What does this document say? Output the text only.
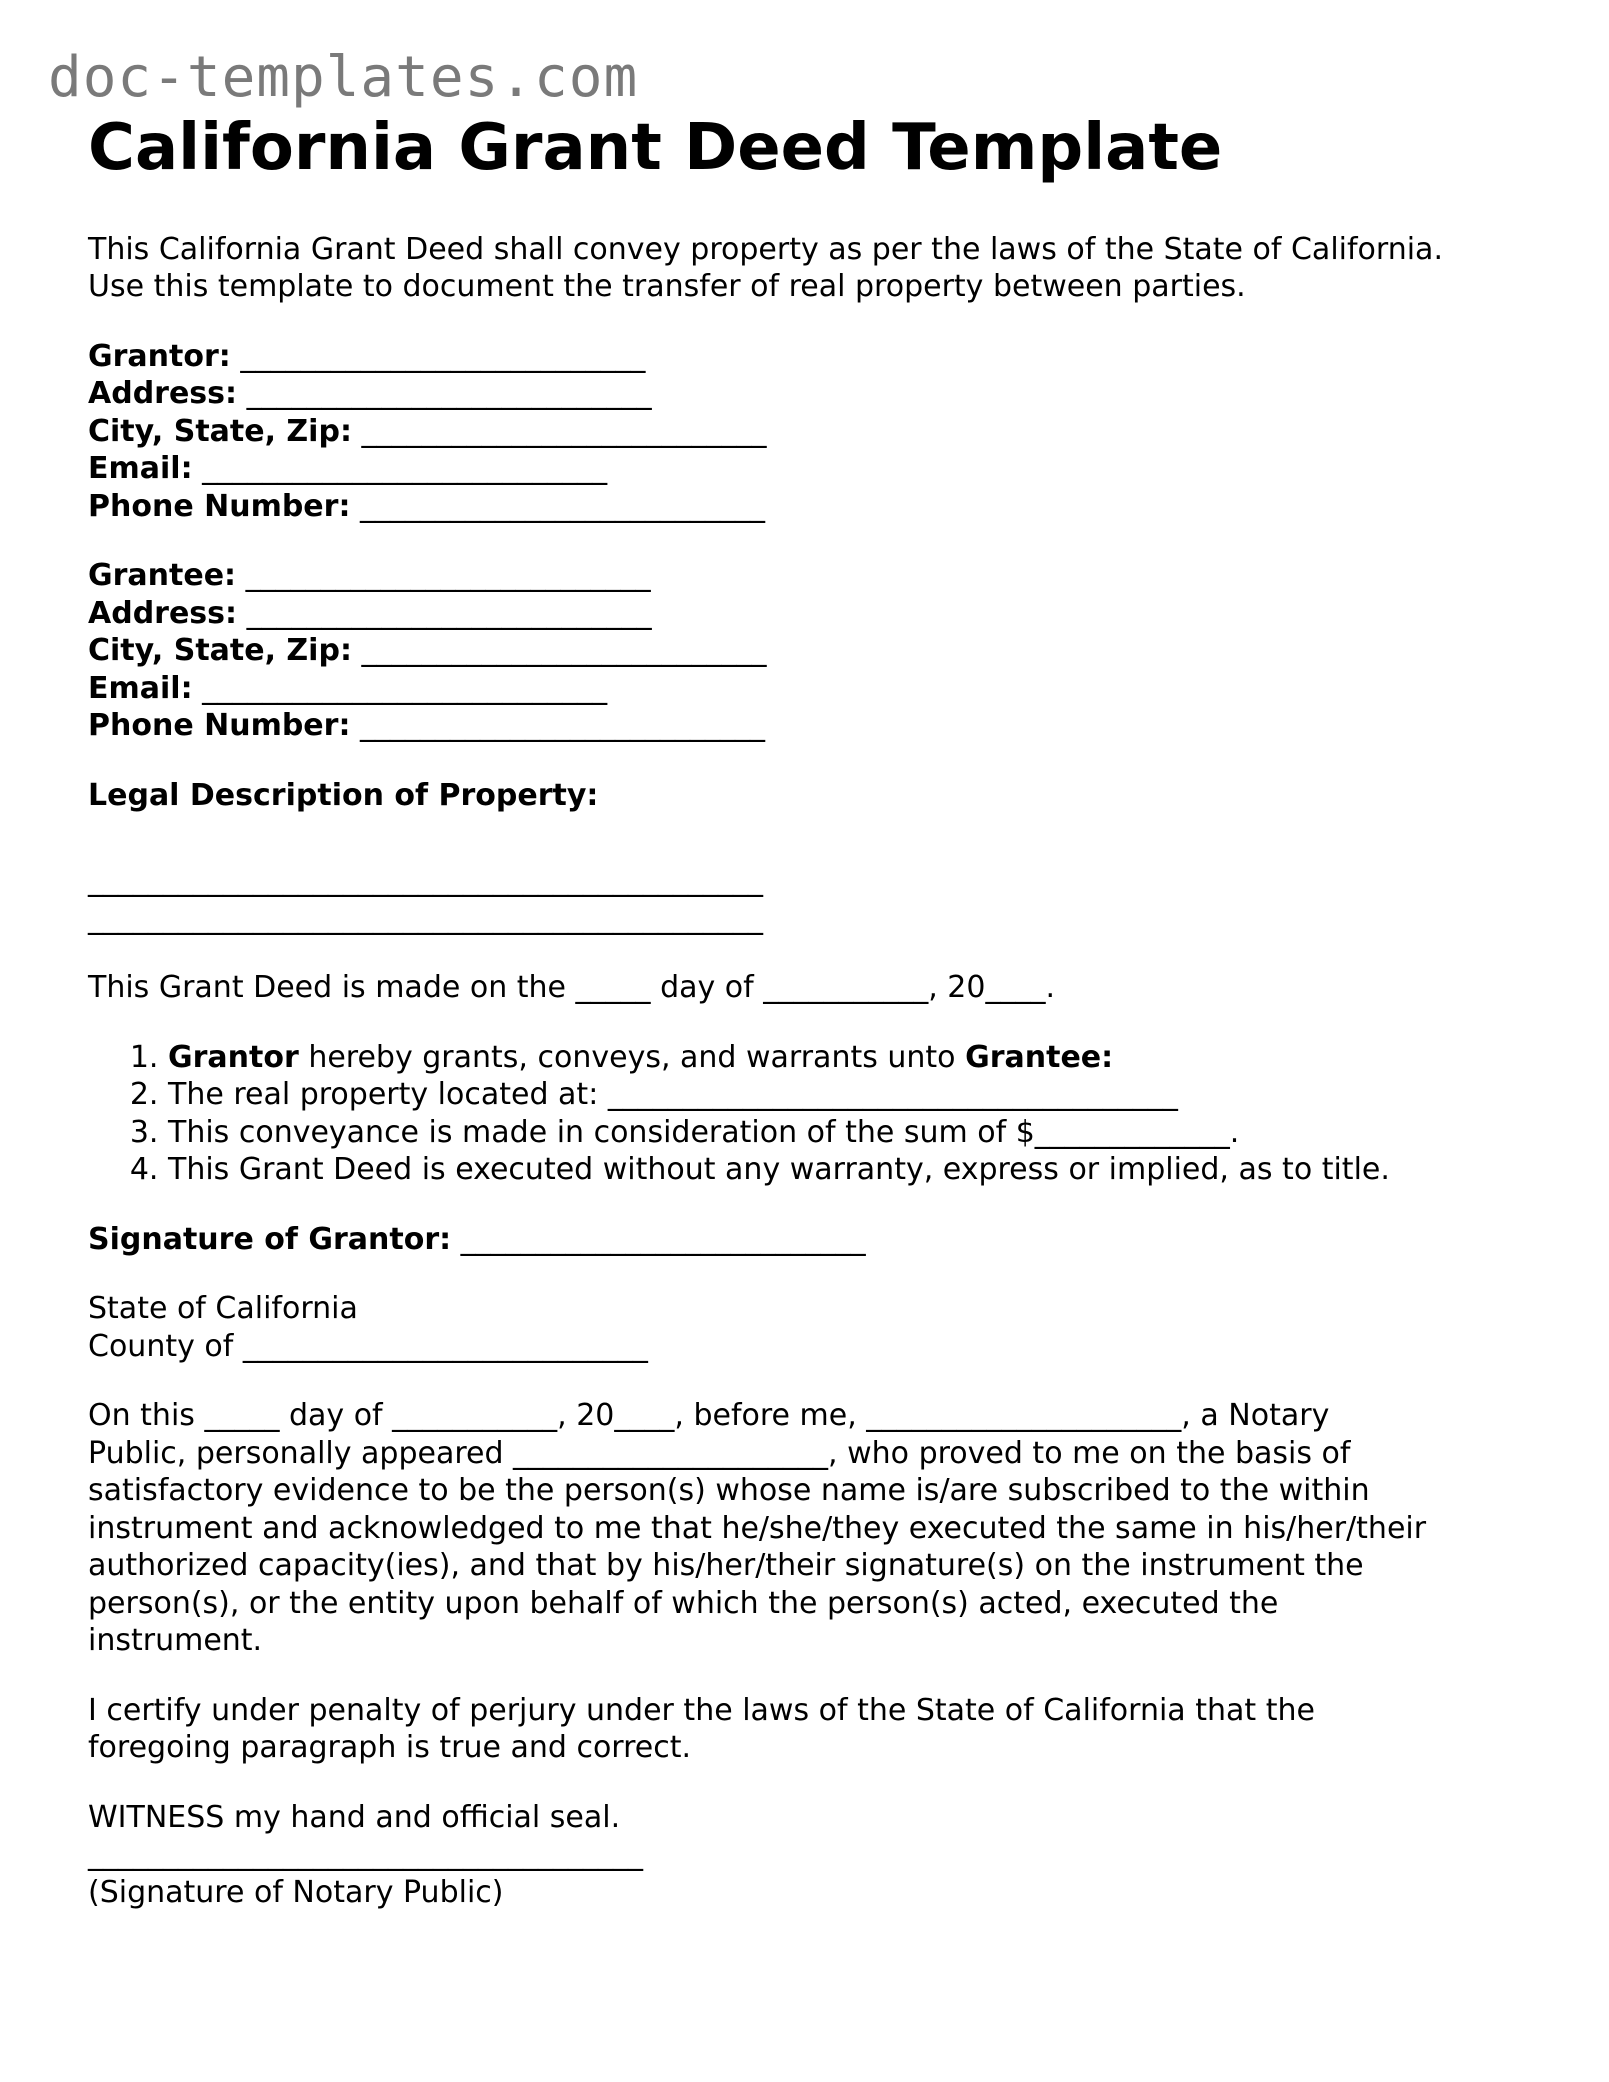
doc-templates.com
California Grant Deed Template

This California Grant Deed shall convey property as per the laws of the State of California.
Use this template to document the transfer of real property between parties.

Grantor: ___________________________
Address: ___________________________
City, State, Zip: ___________________________
Email: ___________________________
Phone Number: ___________________________

Grantee: ___________________________
Address: ___________________________
City, State, Zip: ___________________________
Email: ___________________________
Phone Number: ___________________________

Legal Description of Property:

_____________________________________________
_____________________________________________

This Grant Deed is made on the _____ day of ___________, 20____.

1. Grantor hereby grants, conveys, and warrants unto Grantee:
2. The real property located at: ______________________________________
3. This conveyance is made in consideration of the sum of $_____________.
4. This Grant Deed is executed without any warranty, express or implied, as to title.

Signature of Grantor: ___________________________

State of California
County of ___________________________

On this _____ day of ___________, 20____, before me, _____________________, a Notary
Public, personally appeared _____________________, who proved to me on the basis of
satisfactory evidence to be the person(s) whose name is/are subscribed to the within
instrument and acknowledged to me that he/she/they executed the same in his/her/their
authorized capacity(ies), and that by his/her/their signature(s) on the instrument the
person(s), or the entity upon behalf of which the person(s) acted, executed the
instrument.

I certify under penalty of perjury under the laws of the State of California that the
foregoing paragraph is true and correct.

WITNESS my hand and official seal.
_____________________________________
(Signature of Notary Public)
